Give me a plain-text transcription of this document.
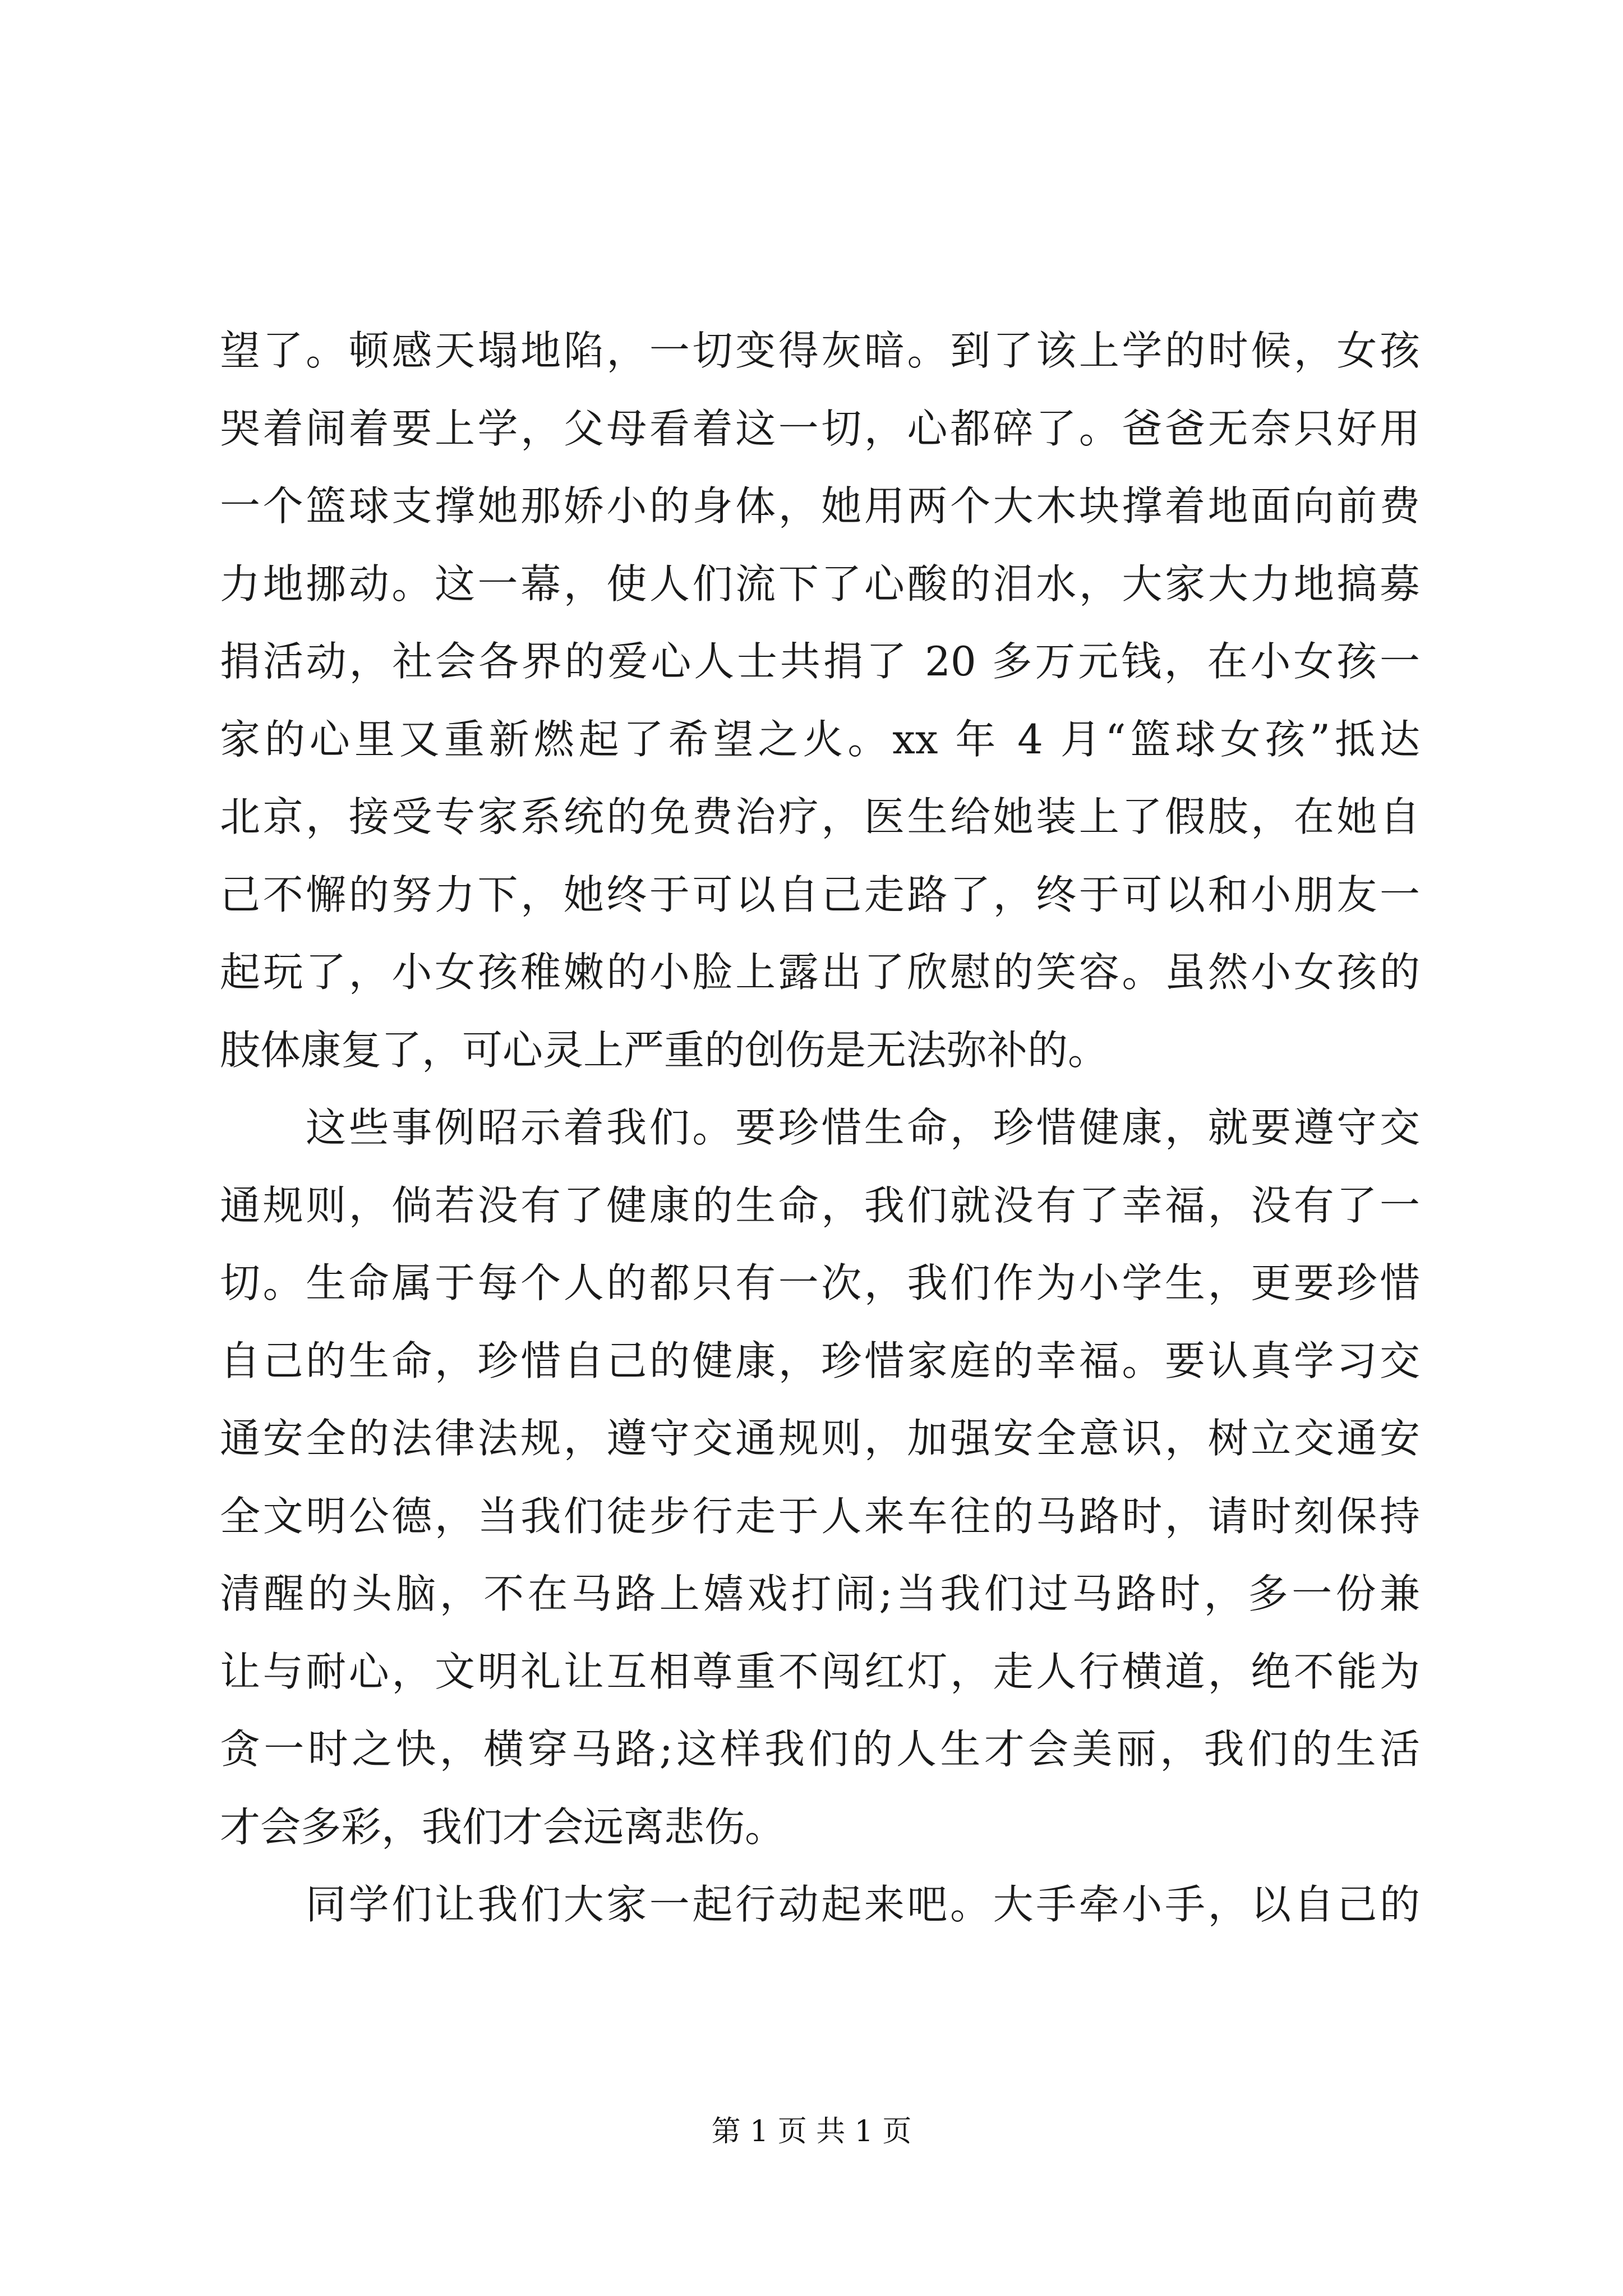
望了。顿感天塌地陷，一切变得灰暗。到了该上学的时候，女孩
哭着闹着要上学，父母看着这一切，心都碎了。爸爸无奈只好用
一个篮球支撑她那娇小的身体，她用两个大木块撑着地面向前费
力地挪动。这一幕，使人们流下了心酸的泪水，大家大力地搞募
捐活动，社会各界的爱心人士共捐了 20 多万元钱，在小女孩一
家的心里又重新燃起了希望之火。xx 年 4 月“篮球女孩”抵达
北京，接受专家系统的免费治疗，医生给她装上了假肢，在她自
己不懈的努力下，她终于可以自己走路了，终于可以和小朋友一
起玩了，小女孩稚嫩的小脸上露出了欣慰的笑容。虽然小女孩的
肢体康复了，可心灵上严重的创伤是无法弥补的。
这些事例昭示着我们。要珍惜生命，珍惜健康，就要遵守交
通规则，倘若没有了健康的生命，我们就没有了幸福，没有了一
切。生命属于每个人的都只有一次，我们作为小学生，更要珍惜
自己的生命，珍惜自己的健康，珍惜家庭的幸福。要认真学习交
通安全的法律法规，遵守交通规则，加强安全意识，树立交通安
全文明公德，当我们徒步行走于人来车往的马路时，请时刻保持
清醒的头脑，不在马路上嬉戏打闹;当我们过马路时，多一份兼
让与耐心，文明礼让互相尊重不闯红灯，走人行横道，绝不能为
贪一时之快，横穿马路;这样我们的人生才会美丽，我们的生活
才会多彩，我们才会远离悲伤。
同学们让我们大家一起行动起来吧。大手牵小手，以自己的
第 1 页 共 1 页
